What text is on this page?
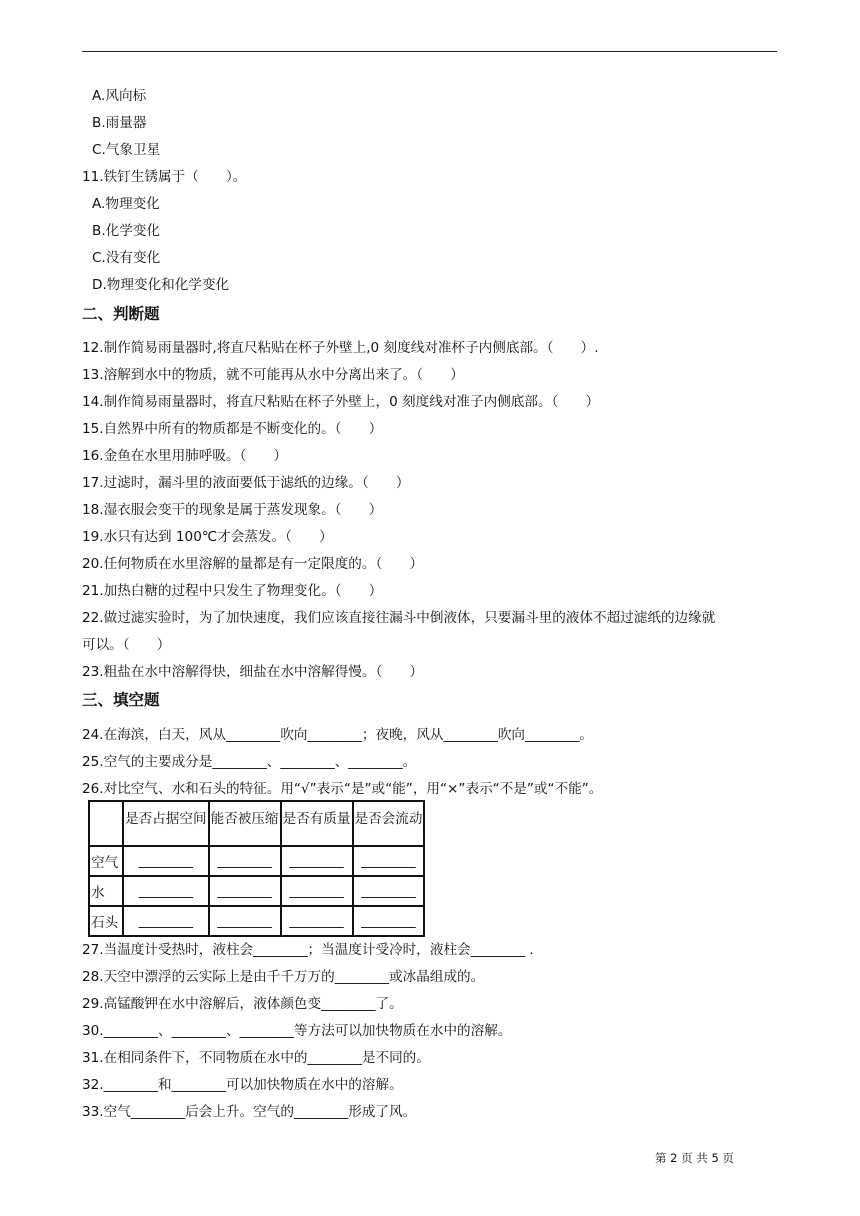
A.风向标
B.雨量器
C.气象卫星
11.铁钉生锈属于（　　）。
A.物理变化
B.化学变化
C.没有变化
D.物理变化和化学变化
二、判断题
12.制作简易雨量器时,将直尺粘贴在杯子外壁上,0 刻度线对准杯子内侧底部。（　　）.
13.溶解到水中的物质，就不可能再从水中分离出来了。（　　）
14.制作简易雨量器时，将直尺粘贴在杯子外壁上，0 刻度线对准子内侧底部。（　　）
15.自然界中所有的物质都是不断变化的。（　　）
16.金鱼在水里用肺呼吸。（　　）
17.过滤时，漏斗里的液面要低于滤纸的边缘。（　　）
18.湿衣服会变干的现象是属于蒸发现象。（　　）
19.水只有达到 100℃才会蒸发。（　　）
20.任何物质在水里溶解的量都是有一定限度的。（　　）
21.加热白糖的过程中只发生了物理变化。（　　）
22.做过滤实验时，为了加快速度，我们应该直接往漏斗中倒液体，只要漏斗里的液体不超过滤纸的边缘就
可以。（　　）
23.粗盐在水中溶解得快，细盐在水中溶解得慢。（　　）
三、填空题
24.在海滨，白天，风从________吹向________；夜晚，风从________吹向________。
25.空气的主要成分是________、________、________。
26.对比空气、水和石头的特征。用“√”表示“是”或“能”，用“×”表示“不是”或“不能”。
	是否占据空间	能否被压缩	是否有质量	是否会流动
空气	________	________	________	________
水	________	________	________	________
石头	________	________	________	________
27.当温度计受热时，液柱会________；当温度计受冷时，液柱会________ .
28.天空中漂浮的云实际上是由千千万万的________或冰晶组成的。
29.高锰酸钾在水中溶解后，液体颜色变________了。
30.________、________、________等方法可以加快物质在水中的溶解。
31.在相同条件下，不同物质在水中的________是不同的。
32.________和________可以加快物质在水中的溶解。
33.空气________后会上升。空气的________形成了风。
第 2 页 共 5 页
